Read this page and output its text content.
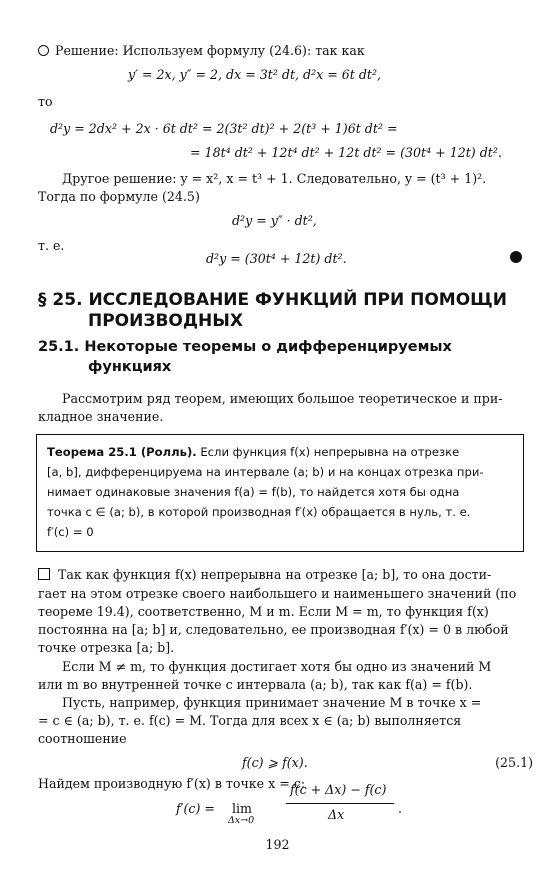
Решение: Используем формулу (24.6): так как
y′ = 2x, y″ = 2, dx = 3t² dt, d²x = 6t dt²,
то
d²y = 2dx² + 2x · 6t dt² = 2(3t² dt)² + 2(t³ + 1)6t dt² =
= 18t⁴ dt² + 12t⁴ dt² + 12t dt² = (30t⁴ + 12t) dt².
Другое решение: y = x², x = t³ + 1. Следовательно, y = (t³ + 1)².
Тогда по формуле (24.5)
d²y = y″ · dt²,
т. е.
d²y = (30t⁴ + 12t) dt².
§ 25. ИССЛЕДОВАНИЕ ФУНКЦИЙ ПРИ ПОМОЩИ
ПРОИЗВОДНЫХ
25.1. Некоторые теоремы о дифференцируемых
функциях
Рассмотрим ряд теорем, имеющих большое теоретическое и при-
кладное значение.
Теорема 25.1 (Ролль). Если функция f(x) непрерывна на отрезке
[a, b], дифференцируема на интервале (a; b) и на концах отрезка при-
нимает одинаковые значения f(a) = f(b), то найдется хотя бы одна
точка c ∈ (a; b), в которой производная f′(x) обращается в нуль, т. е.
f′(c) = 0
Так как функция f(x) непрерывна на отрезке [a; b], то она дости-
гает на этом отрезке своего наибольшего и наименьшего значений (по
теореме 19.4), соответственно, M и m. Если M = m, то функция f(x)
постоянна на [a; b] и, следовательно, ее производная f′(x) = 0 в любой
точке отрезка [a; b].
Если M ≠ m, то функция достигает хотя бы одно из значений M
или m во внутренней точке c интервала (a; b), так как f(a) = f(b).
Пусть, например, функция принимает значение M в точке x =
= c ∈ (a; b), т. е. f(c) = M. Тогда для всех x ∈ (a; b) выполняется
соотношение
f(c) ⩾ f(x).	(25.1)
Найдем производную f′(x) в точке x = c:
f′(c) = lim
Δx→0
f(c + Δx) − f(c)
Δx	.
192
